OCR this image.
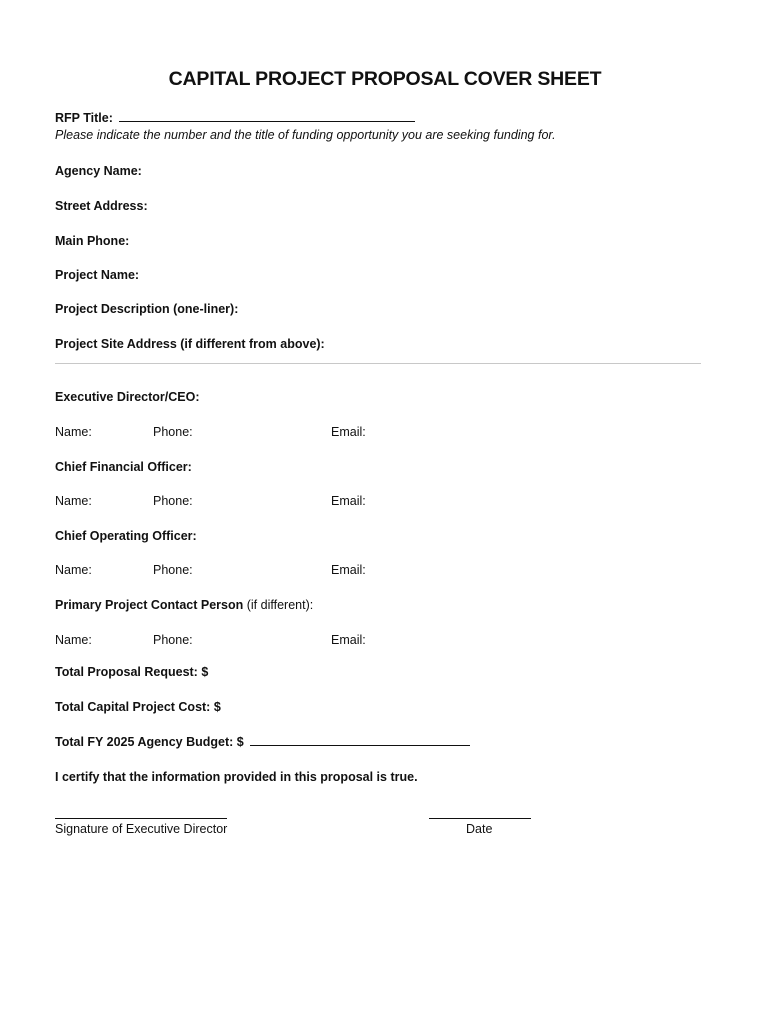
CAPITAL PROJECT PROPOSAL COVER SHEET
RFP Title:
Please indicate the number and the title of funding opportunity you are seeking funding for.
Agency Name:
Street Address:
Main Phone:
Project Name:
Project Description (one-liner):
Project Site Address (if different from above):
Executive Director/CEO:
Name:	Phone:	Email:
Chief Financial Officer:
Name:	Phone:	Email:
Chief Operating Officer:
Name:	Phone:	Email:
Primary Project Contact Person (if different):
Name:	Phone:	Email:
Total Proposal Request: $
Total Capital Project Cost: $
Total FY 2025 Agency Budget: $
I certify that the information provided in this proposal is true.
Signature of Executive Director	Date
